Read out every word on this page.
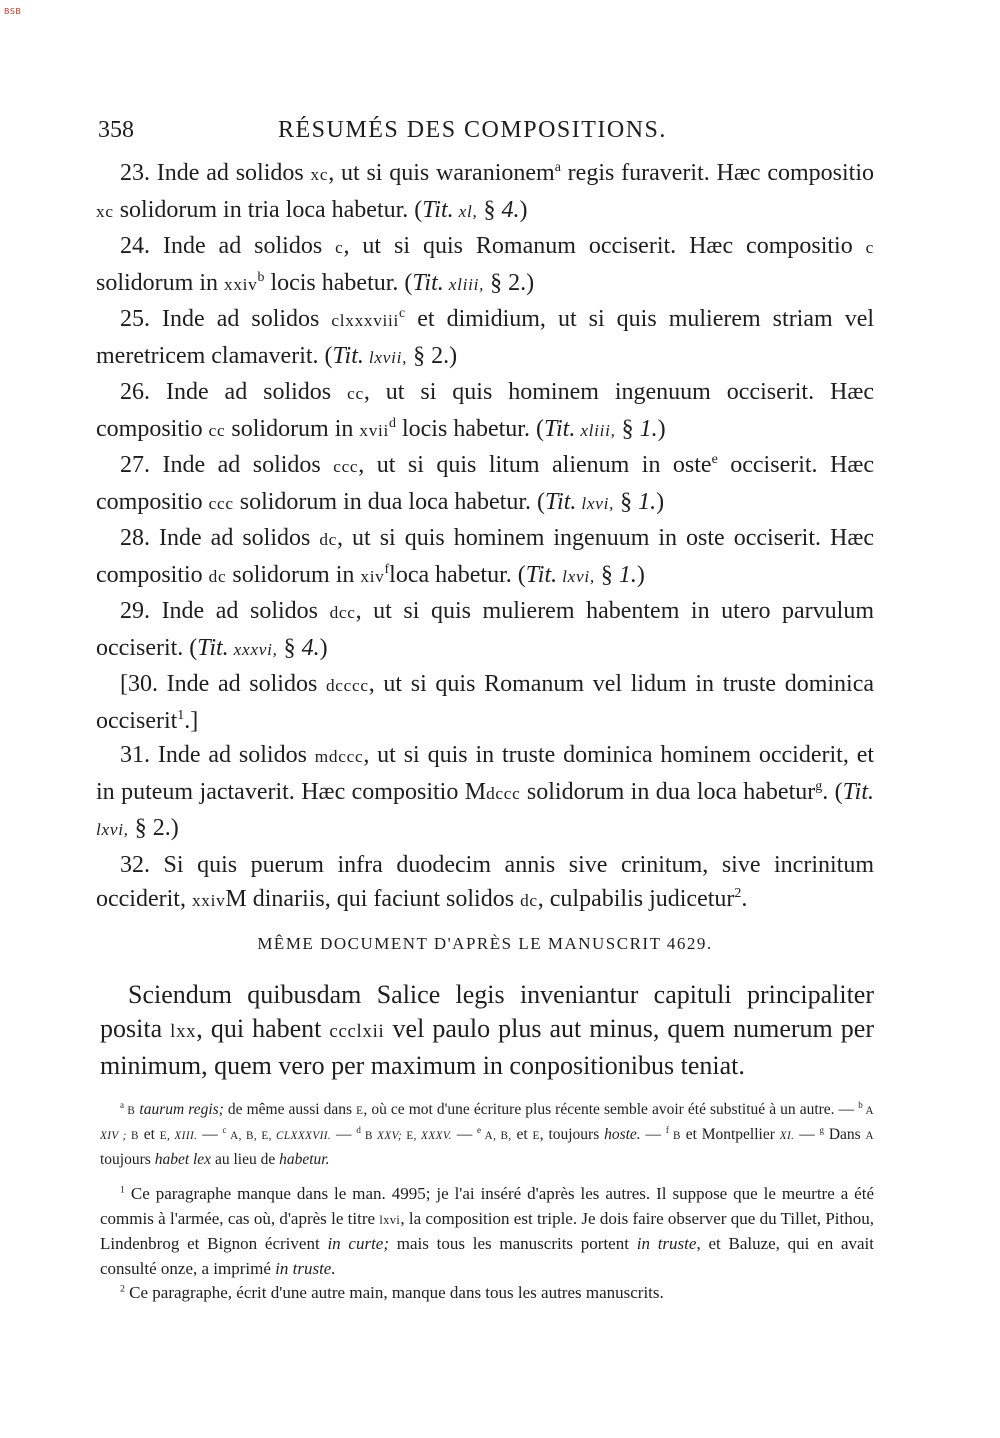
BSB
358	RÉSUMÉS DES COMPOSITIONS.

23. Inde ad solidos xc, ut si quis waranionem$^a$ regis furaverit. Hæc compositio xc solidorum in tria loca habetur. (Tit. xl, § 4.)

24. Inde ad solidos c, ut si quis Romanum occiserit. Hæc compositio c solidorum in xxiv$^b$ locis habetur. (Tit. xliii, § 2.)

25. Inde ad solidos clxxxviii$^c$ et dimidium, ut si quis mulierem striam vel meretricem clamaverit. (Tit. lxvii, § 2.)

26. Inde ad solidos cc, ut si quis hominem ingenuum occiserit. Hæc compositio cc solidorum in xvii$^d$ locis habetur. (Tit. xliii, § 1.)

27. Inde ad solidos ccc, ut si quis litum alienum in oste$^e$ occiserit. Hæc compositio ccc solidorum in dua loca habetur. (Tit. lxvi, § 1.)

28. Inde ad solidos dc, ut si quis hominem ingenuum in oste occiserit. Hæc compositio dc solidorum in xiv$^f$loca habetur. (Tit. lxvi, § 1.)

29. Inde ad solidos dcc, ut si quis mulierem habentem in utero parvulum occiserit. (Tit. xxxvi, § 4.)

[30. Inde ad solidos dcccc, ut si quis Romanum vel lidum in truste dominica occiserit$^1$.]

31. Inde ad solidos mdccc, ut si quis in truste dominica hominem occiderit, et in puteum jactaverit. Hæc compositio Mdccc solidorum in dua loca habetur$^g$. (Tit. lxvi, § 2.)

32. Si quis puerum infra duodecim annis sive crinitum, sive incrinitum occiderit, xxivM dinariis, qui faciunt solidos dc, culpabilis judicetur$^2$.

MÊME DOCUMENT D'APRÈS LE MANUSCRIT 4629.

Sciendum quibusdam Salice legis inveniantur capituli principaliter posita lxx, qui habent ccclxii vel paulo plus aut minus, quem numerum per minimum, quem vero per maximum in conpositionibus teniat.

$^a$ B taurum regis; de même aussi dans E, où ce mot d'une écriture plus récente semble avoir été substitué à un autre. — $^b$ A XIV ; B et E, XIII. — $^c$ A, B, E, CLXXXVII. — $^d$ B XXV; E, XXXV. — $^e$ A, B, et E, toujours hoste. — $^f$ B et Montpellier XI. — $^g$ Dans A toujours habet lex au lieu de habetur.

$^1$ Ce paragraphe manque dans le man. 4995; je l'ai inséré d'après les autres. Il suppose que le meurtre a été commis à l'armée, cas où, d'après le titre lxvi, la composition est triple. Je dois faire observer que du Tillet, Pithou, Lindenbrog et Bignon écrivent in curte; mais tous les manuscrits portent in truste, et Baluze, qui en avait consulté onze, a imprimé in truste.

$^2$ Ce paragraphe, écrit d'une autre main, manque dans tous les autres manuscrits.
